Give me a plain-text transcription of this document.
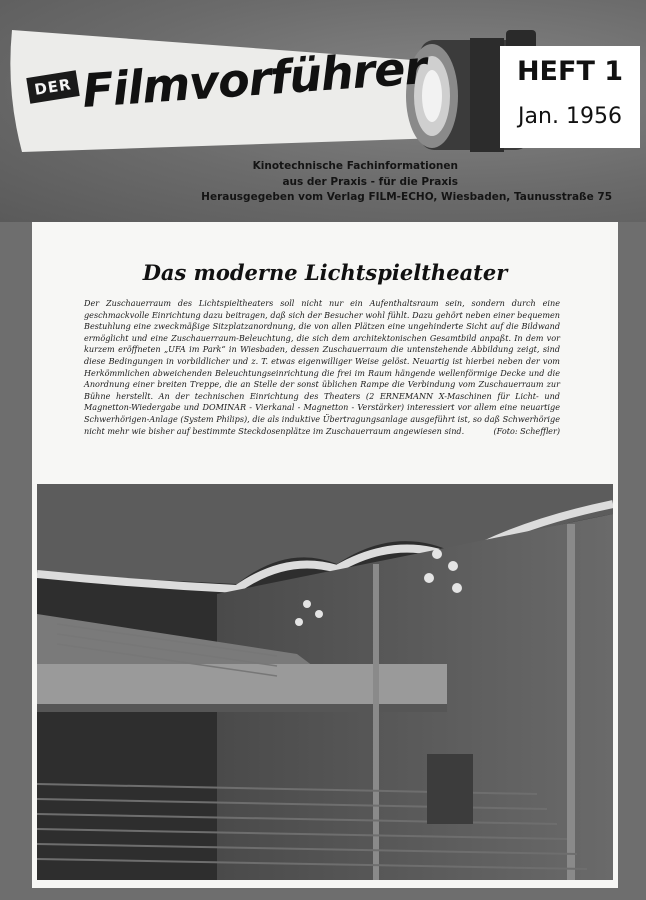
DER Filmvorführer	HEFT 1
Jan. 1956
Kinotechnische Fachinformationen
aus der Praxis - für die Praxis
Herausgegeben vom Verlag FILM-ECHO, Wiesbaden, Taunusstraße 75
Das moderne Lichtspieltheater
Der Zuschauerraum des Lichtspieltheaters soll nicht nur ein Aufenthaltsraum sein, sondern durch eine geschmackvolle Einrichtung dazu beitragen, daß sich der Besucher wohl fühlt. Dazu gehört neben einer bequemen Bestuhlung eine zweckmäßige Sitzplatzanordnung, die von allen Plätzen eine ungehinderte Sicht auf die Bildwand ermöglicht und eine Zuschauerraum-Beleuchtung, die sich dem architektonischen Gesamtbild anpaßt. In dem vor kurzem eröffneten „UFA im Park“ in Wiesbaden, dessen Zuschauerraum die untenstehende Abbildung zeigt, sind diese Bedingungen in vorbildlicher und z. T. etwas eigenwilliger Weise gelöst. Neuartig ist hierbei neben der vom Herkömmlichen abweichenden Beleuchtungseinrichtung die frei im Raum hängende wellenförmige Decke und die Anordnung einer breiten Treppe, die an Stelle der sonst üblichen Rampe die Verbindung vom Zuschauerraum zur Bühne herstellt. An der technischen Einrichtung des Theaters (2 ERNEMANN X-Maschinen für Licht- und Magnetton-Wiedergabe und DOMINAR - Vierkanal - Magnetton - Verstärker) interessiert vor allem eine neuartige Schwerhörigen-Anlage (System Philips), die als induktive Übertragungsanlage ausgeführt ist, so daß Schwerhörige nicht mehr wie bisher auf bestimmte Steckdosenplätze im Zuschauerraum angewiesen sind.	(Foto: Scheffler)
